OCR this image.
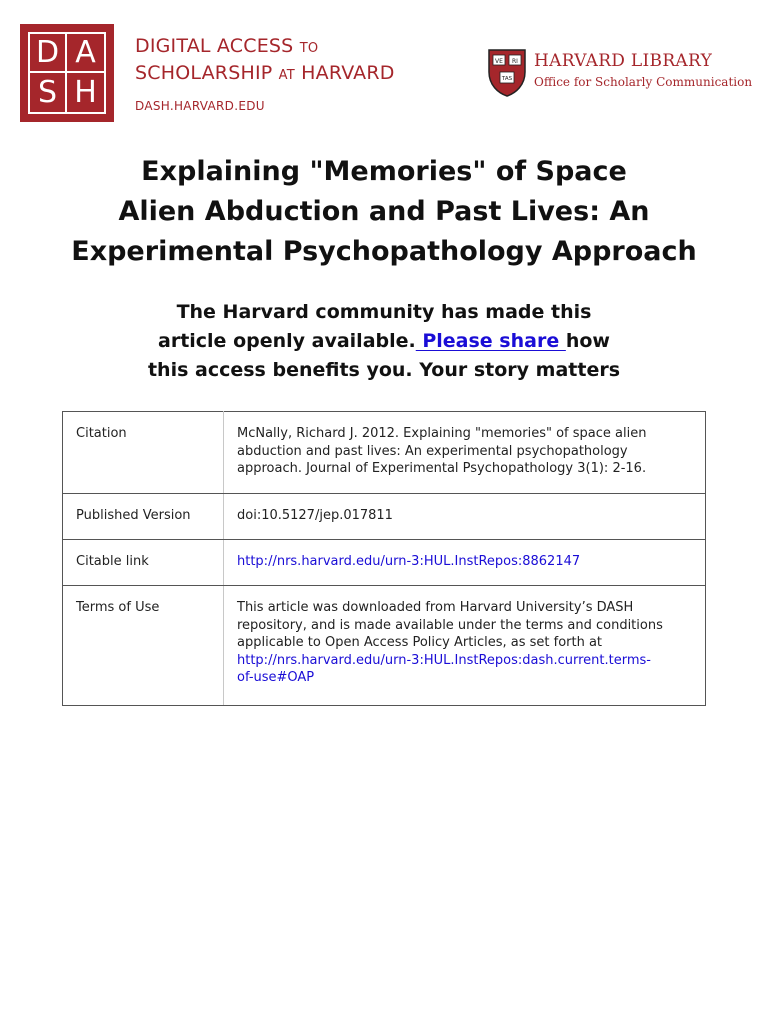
D A
S H
DIGITAL ACCESS TO
SCHOLARSHIP AT HARVARD
DASH.HARVARD.EDU
VE RI
TAS
HARVARD LIBRARY
Office for Scholarly Communication
Explaining "Memories" of Space
Alien Abduction and Past Lives: An
Experimental Psychopathology Approach
The Harvard community has made this
article openly available. Please share how
this access benefits you. Your story matters
Citation	McNally, Richard J. 2012. Explaining "memories" of space alien abduction and past lives: An experimental psychopathology approach. Journal of Experimental Psychopathology 3(1): 2-16.
Published Version	doi:10.5127/jep.017811
Citable link	http://nrs.harvard.edu/urn-3:HUL.InstRepos:8862147
Terms of Use	This article was downloaded from Harvard University’s DASH repository, and is made available under the terms and conditions applicable to Open Access Policy Articles, as set forth at http://nrs.harvard.edu/urn-3:HUL.InstRepos:dash.current.terms-of-use#OAP
